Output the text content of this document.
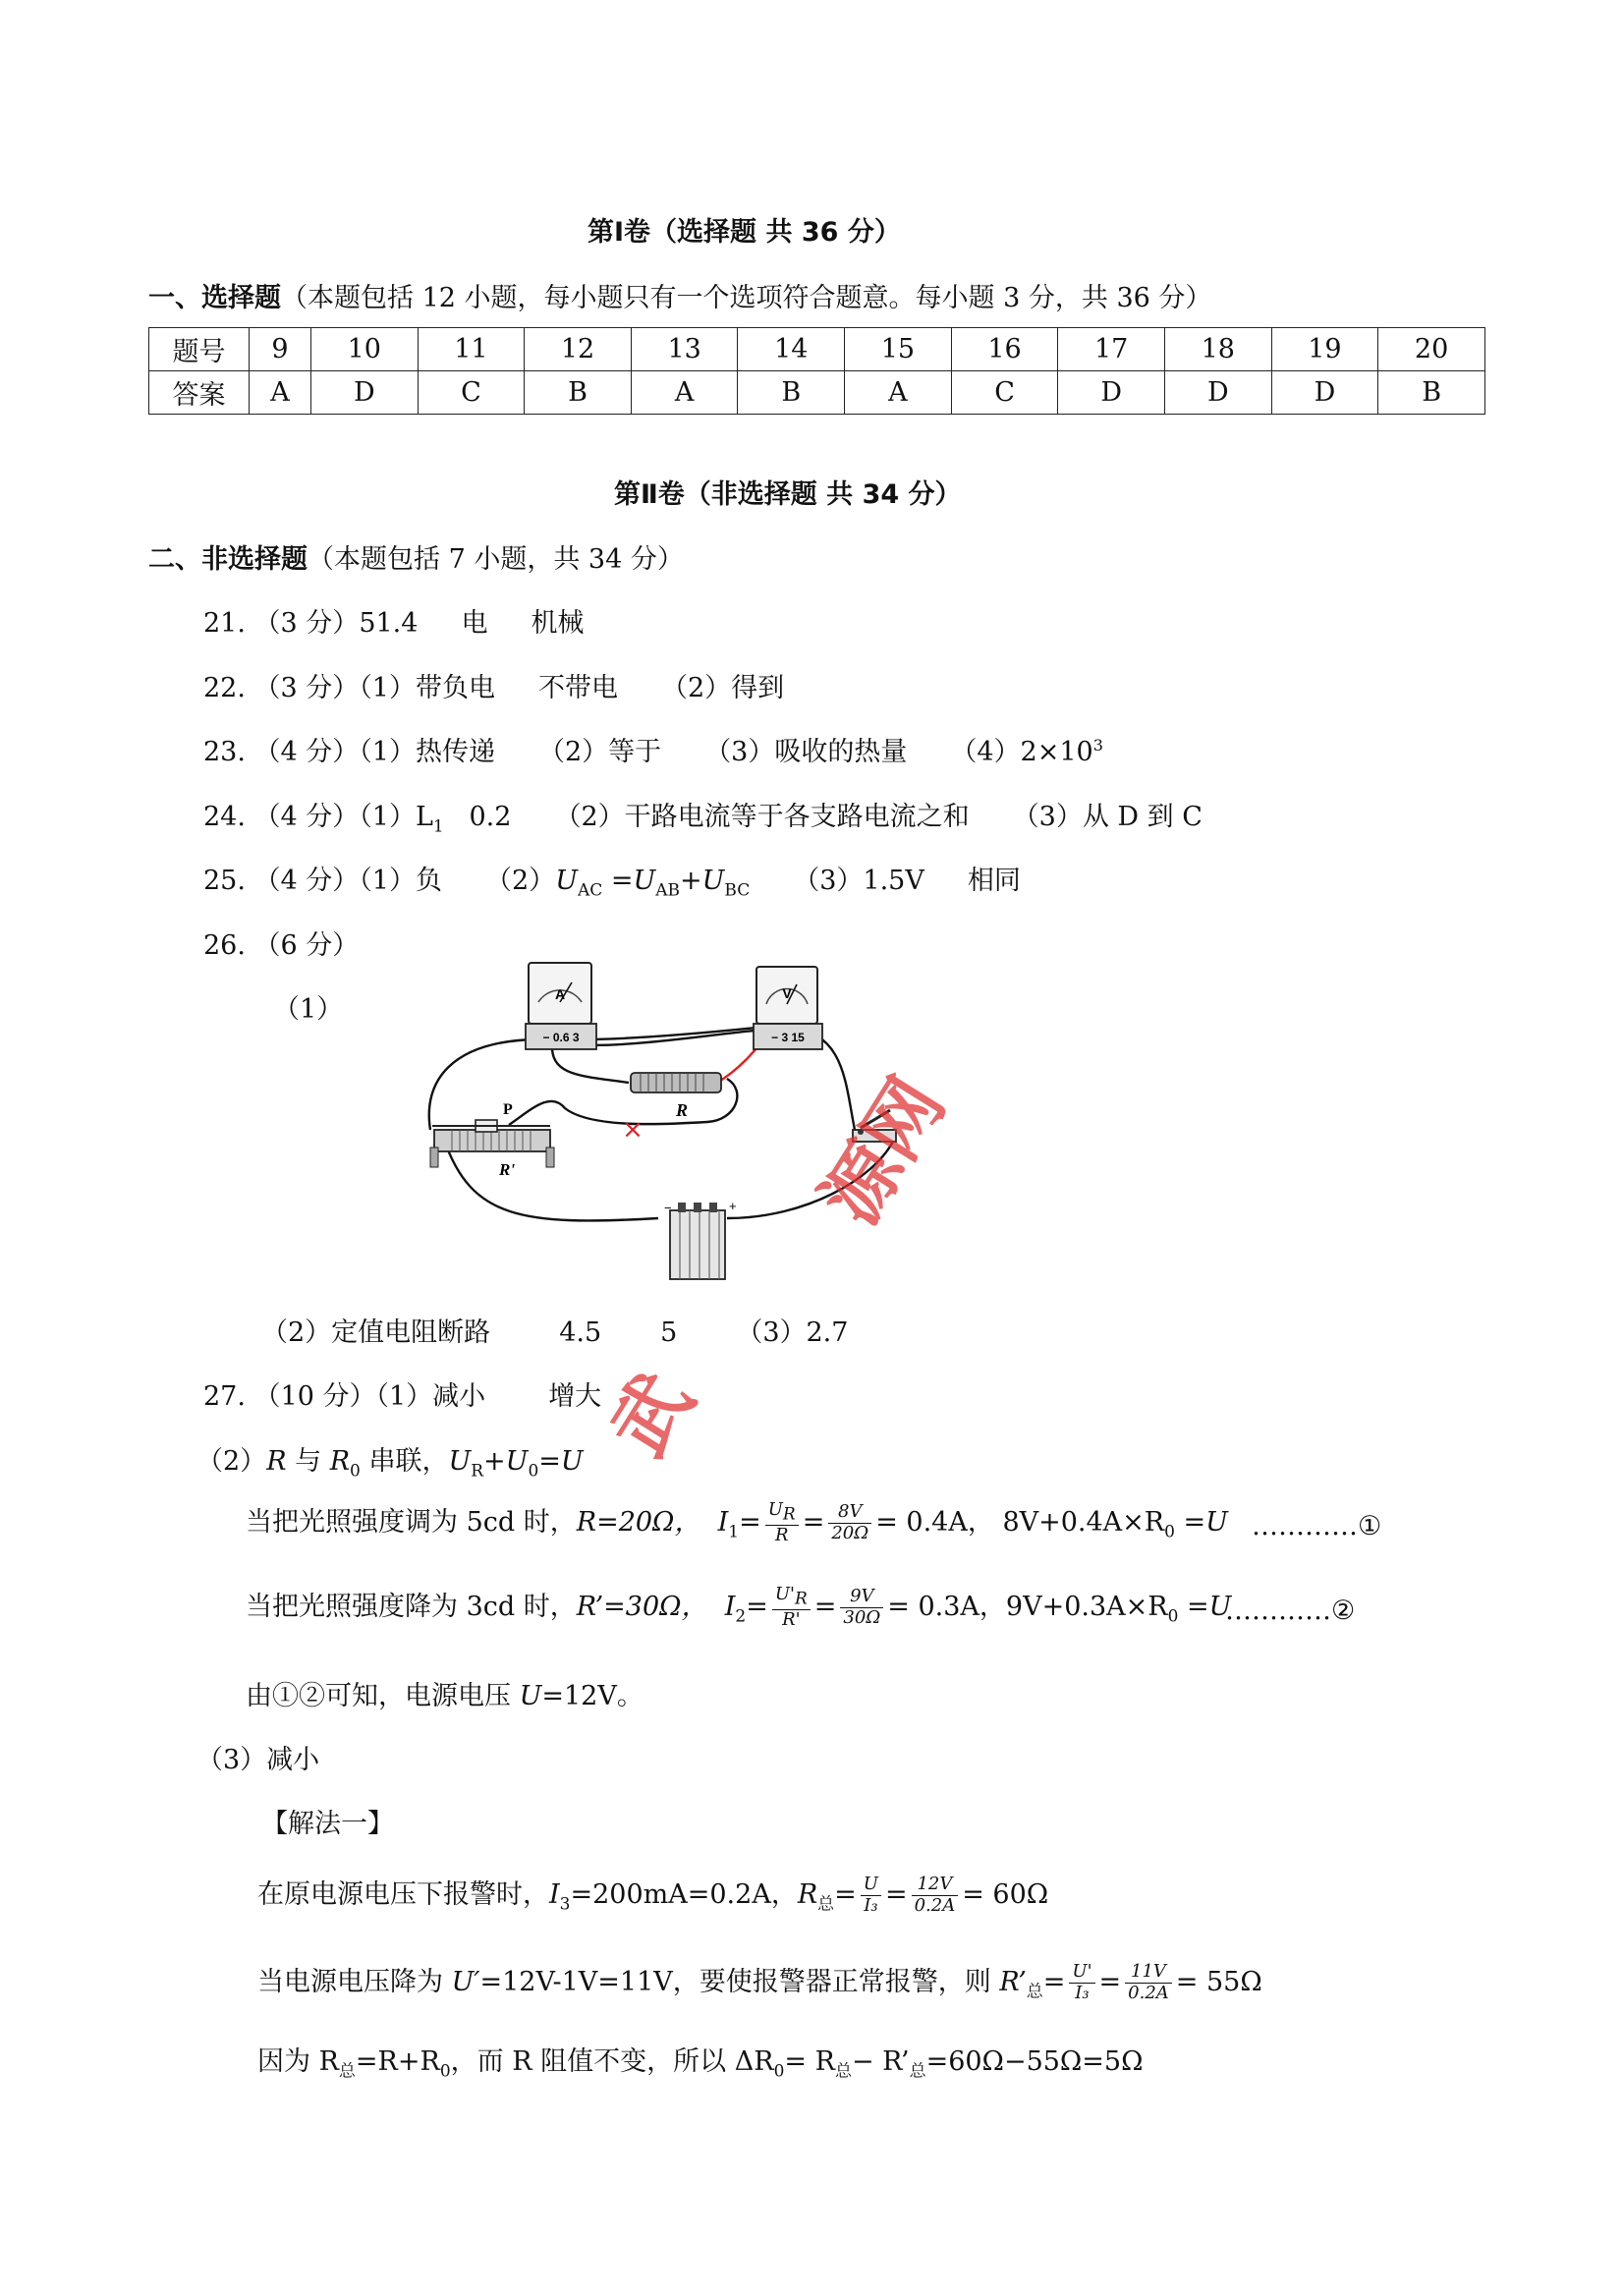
第Ⅰ卷（选择题 共 36 分）
一、选择题（本题包括 12 小题，每小题只有一个选项符合题意。每小题 3 分，共 36 分）
题号	9	10	11	12	13	14	15	16	17	18	19	20
答案	A	D	C	B	A	B	A	C	D	D	D	B
第Ⅱ卷（非选择题 共 34 分）
二、非选择题（本题包括 7 小题，共 34 分）
21. （3 分）51.4 电 机械
22. （3 分）（1）带负电 不带电 （2）得到
23. （4 分）（1）热传递 （2）等于 （3）吸收的热量 $(4)2\times 10^3$
24. （4 分）$(1)L_1$ 0.2 （2）干路电流等于各支路电流之和 （3）从 D 到 C
25. （4 分）（1）负 $(2)U_{AC} =U_{AB}+U_{BC}$ （3）1.5V 相同
26. （6 分）
（1）	A
− 0.6 3
V
− 3 15
P
R'
R
×
−	+
（2）定值电阻断路	4.5 5 （3）2.7
27. （10 分）（1）减小 增大
（2）R 与 $R_0$ 串联，$U_R+U_0=U$
当把光照强度调为 5cd 时，R=20Ω， $I_1= \frac{U_R}{R} = \frac{8V}{20\Omega} = 0.4A$， $8V+0.4A\times R_0 =U$ …………①
当把光照强度降为 3cd 时，R’=30Ω， $I_2= \frac{U'_R}{R'} = \frac{9V}{30\Omega} = 0.3A$，$9V+0.3A\times R_0 =U$
…………②
由①②可知，电源电压 U=12V。
（3）减小
【解法一】
在原电源电压下报警时，$I_3=200mA=0.2A$，$R_总= \frac{U}{\text{I₃}} = \frac{12V}{0.2A} = 60\Omega$
当电源电压降为 U′=12V-1V=11V，要使报警器正常报警，则 $R’_总= \frac{U'}{\text{I₃}} = \frac{11V}{0.2A} = 55\Omega$
因为 $R_总=R+R_0$，而 R 阻值不变，所以 $\Delta R_0= R_总-$ $R’_总=60\Omega-55\Omega=5\Omega$
武
源网
